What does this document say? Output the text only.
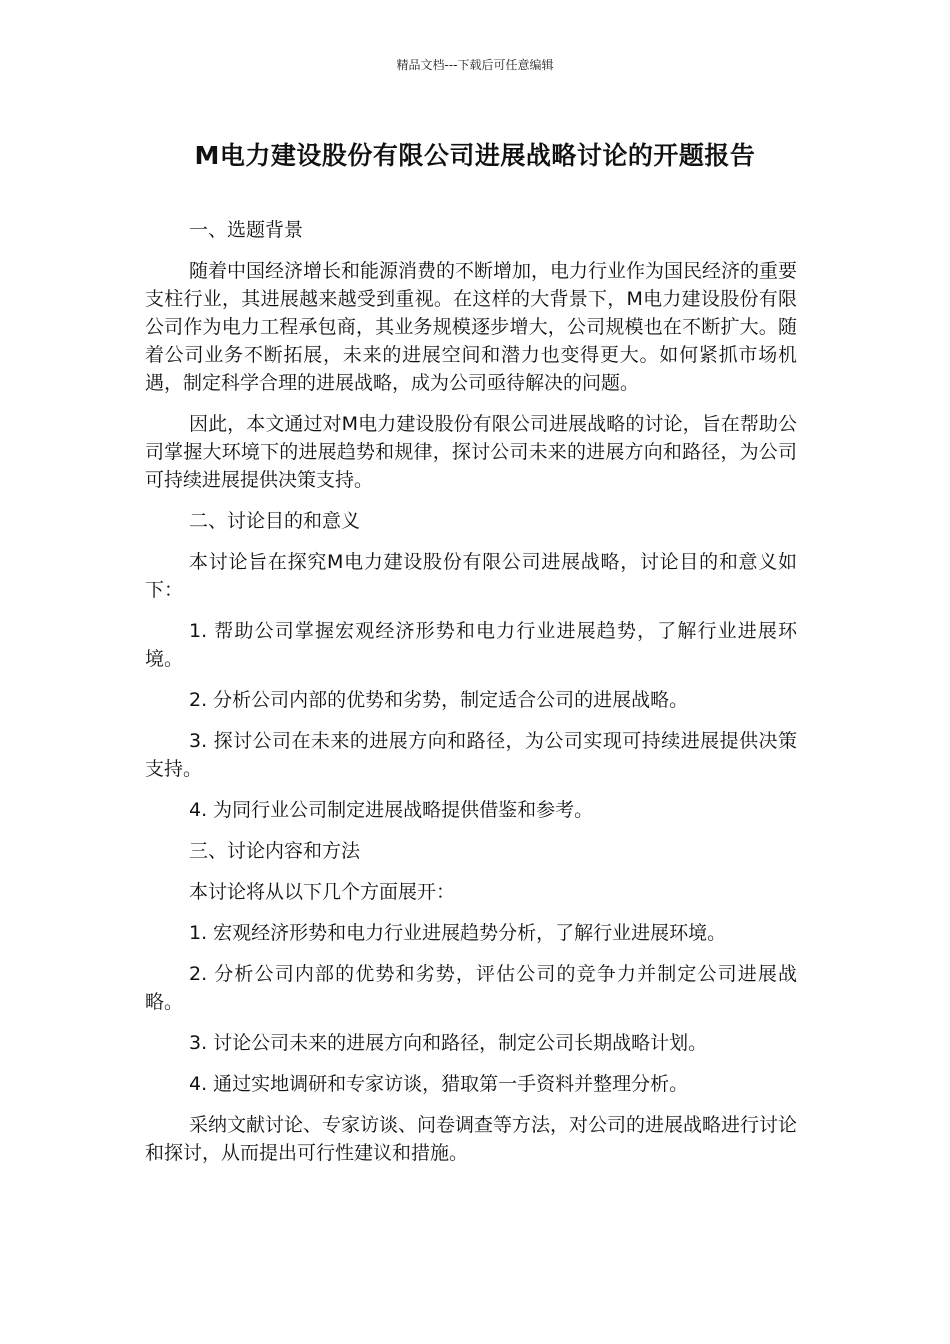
精品文档---下载后可任意编辑
M电力建设股份有限公司进展战略讨论的开题报告

一、选题背景

随着中国经济增长和能源消费的不断增加，电力行业作为国民经济的重要支柱行业，其进展越来越受到重视。在这样的大背景下，M电力建设股份有限公司作为电力工程承包商，其业务规模逐步增大，公司规模也在不断扩大。随着公司业务不断拓展，未来的进展空间和潜力也变得更大。如何紧抓市场机遇，制定科学合理的进展战略，成为公司亟待解决的问题。

因此，本文通过对M电力建设股份有限公司进展战略的讨论，旨在帮助公司掌握大环境下的进展趋势和规律，探讨公司未来的进展方向和路径，为公司可持续进展提供决策支持。

二、讨论目的和意义

本讨论旨在探究M电力建设股份有限公司进展战略，讨论目的和意义如下：

1. 帮助公司掌握宏观经济形势和电力行业进展趋势，了解行业进展环境。

2. 分析公司内部的优势和劣势，制定适合公司的进展战略。

3. 探讨公司在未来的进展方向和路径，为公司实现可持续进展提供决策支持。

4. 为同行业公司制定进展战略提供借鉴和参考。

三、讨论内容和方法

本讨论将从以下几个方面展开：

1. 宏观经济形势和电力行业进展趋势分析，了解行业进展环境。

2. 分析公司内部的优势和劣势，评估公司的竞争力并制定公司进展战略。

3. 讨论公司未来的进展方向和路径，制定公司长期战略计划。

4. 通过实地调研和专家访谈，猎取第一手资料并整理分析。

采纳文献讨论、专家访谈、问卷调查等方法，对公司的进展战略进行讨论和探讨，从而提出可行性建议和措施。
